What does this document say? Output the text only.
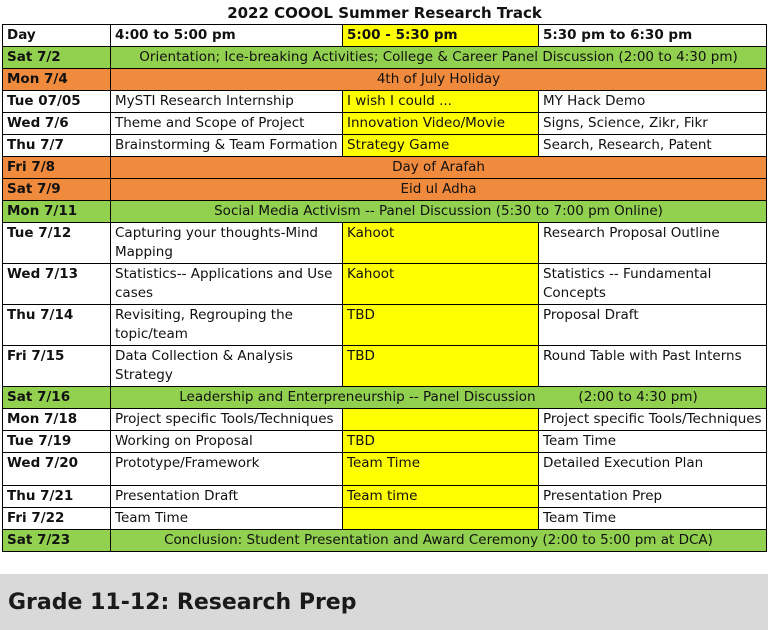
2022 COOOL Summer Research Track			
Day	4:00 to 5:00 pm	5:00 - 5:30 pm	5:30 pm to 6:30 pm
Sat 7/2	Orientation; Ice-breaking Activities; College & Career Panel Discussion (2:00 to 4:30 pm)		
Mon 7/4	4th of July Holiday		
Tue 07/05	MySTI Research Internship	I wish I could ...	MY Hack Demo
Wed 7/6	Theme and Scope of Project	Innovation Video/Movie	Signs, Science, Zikr, Fikr
Thu 7/7	Brainstorming & Team Formation	Strategy Game	Search, Research, Patent
Fri 7/8	Day of Arafah		
Sat 7/9	Eid ul Adha		
Mon 7/11	Social Media Activism -- Panel Discussion (5:30 to 7:00 pm Online)		
Tue 7/12	Capturing your thoughts-Mind Mapping	Kahoot	Research Proposal Outline
Wed 7/13	Statistics-- Applications and Use cases	Kahoot	Statistics -- Fundamental Concepts
Thu 7/14	Revisiting, Regrouping the topic/team	TBD	Proposal Draft
Fri 7/15	Data Collection & Analysis Strategy	TBD	Round Table with Past Interns
Sat 7/16	Leadership and Enterpreneurship -- Panel Discussion          (2:00 to 4:30 pm)		
Mon 7/18	Project specific Tools/Techniques		Project specific Tools/Techniques
Tue 7/19	Working on Proposal	TBD	Team Time
Wed 7/20	Prototype/Framework	Team Time	Detailed Execution Plan
Thu 7/21	Presentation Draft	Team time	Presentation Prep
Fri 7/22	Team Time		Team Time
Sat 7/23	Conclusion: Student Presentation and Award Ceremony (2:00 to 5:00 pm at DCA)		
Grade 11-12: Research Prep
